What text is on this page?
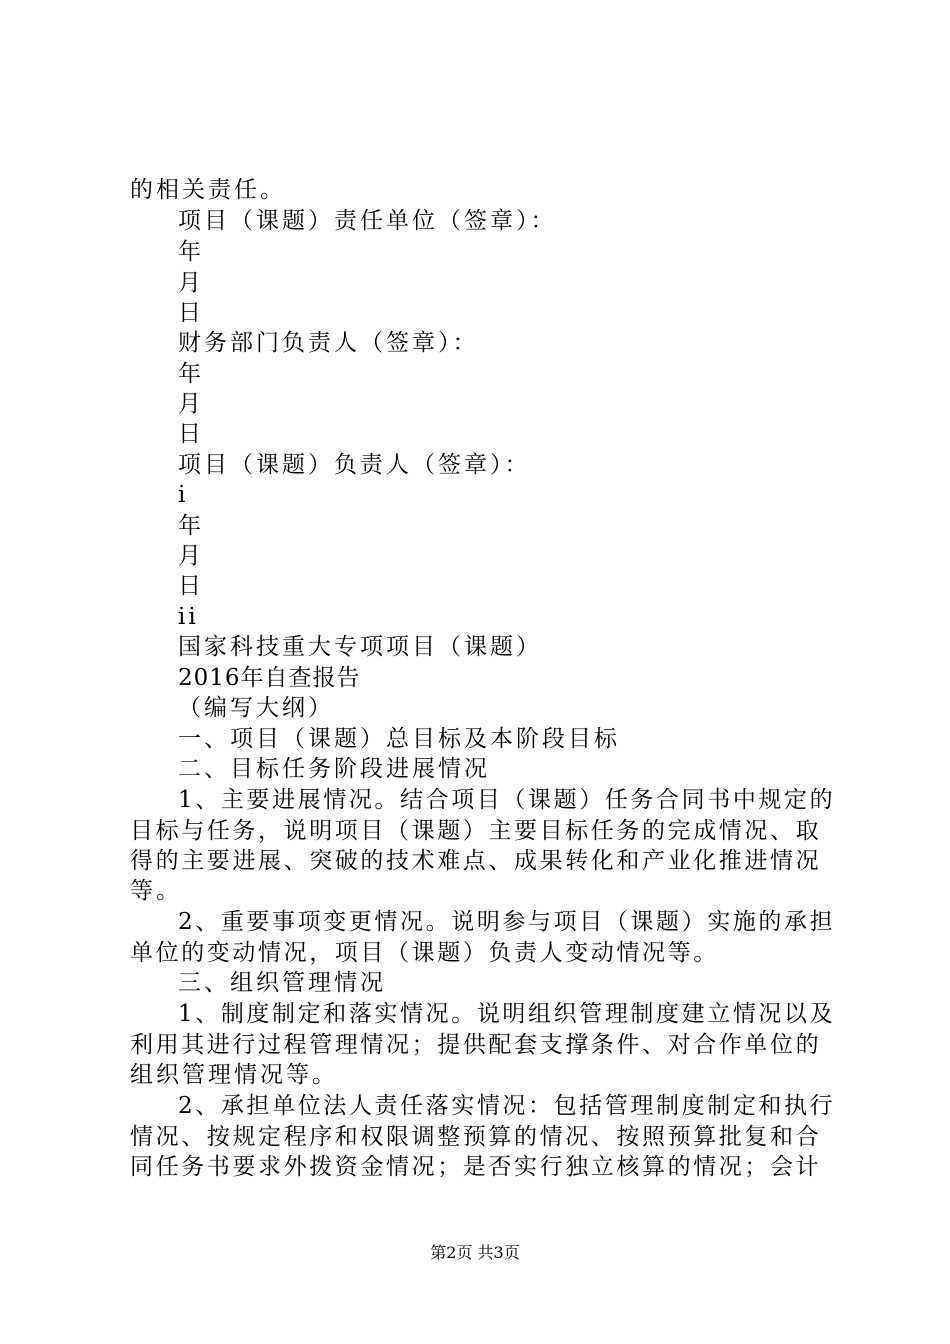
的相关责任。
项目（课题）责任单位（签章）：
年
月
日
财务部门负责人（签章）：
年
月
日
项目（课题）负责人（签章）：
i
年
月
日
ii
国家科技重大专项项目（课题）
2016年自查报告
（编写大纲）
一、项目（课题）总目标及本阶段目标
二、目标任务阶段进展情况
1、主要进展情况。结合项目（课题）任务合同书中规定的
目标与任务，说明项目（课题）主要目标任务的完成情况、取
得的主要进展、突破的技术难点、成果转化和产业化推进情况
等。
2、重要事项变更情况。说明参与项目（课题）实施的承担
单位的变动情况，项目（课题）负责人变动情况等。
三、组织管理情况
1、制度制定和落实情况。说明组织管理制度建立情况以及
利用其进行过程管理情况；提供配套支撑条件、对合作单位的
组织管理情况等。
2、承担单位法人责任落实情况：包括管理制度制定和执行
情况、按规定程序和权限调整预算的情况、按照预算批复和合
同任务书要求外拨资金情况；是否实行独立核算的情况；会计
第2页 共3页
